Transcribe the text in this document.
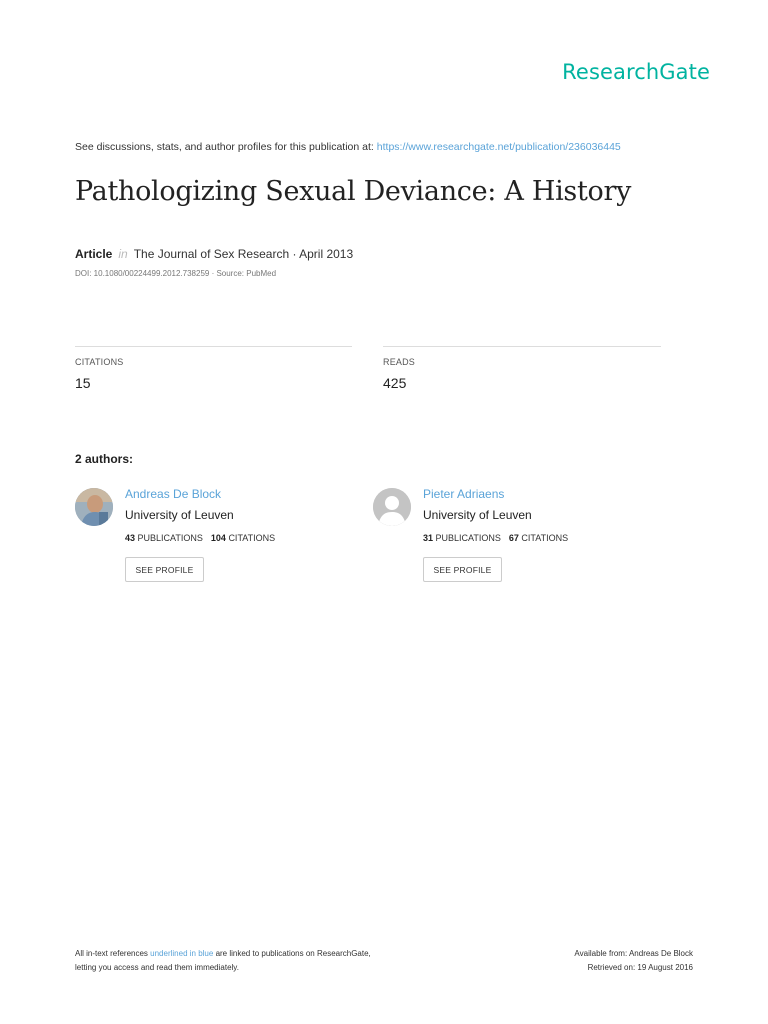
ResearchGate
See discussions, stats, and author profiles for this publication at: https://www.researchgate.net/publication/236036445
Pathologizing Sexual Deviance: A History
Article in The Journal of Sex Research · April 2013
DOI: 10.1080/00224499.2012.738259 · Source: PubMed
CITATIONS
15
READS
425
2 authors:
Andreas De Block
University of Leuven
43 PUBLICATIONS 104 CITATIONS
SEE PROFILE
Pieter Adriaens
University of Leuven
31 PUBLICATIONS 67 CITATIONS
SEE PROFILE
All in-text references underlined in blue are linked to publications on ResearchGate,
letting you access and read them immediately.
Available from: Andreas De Block
Retrieved on: 19 August 2016
